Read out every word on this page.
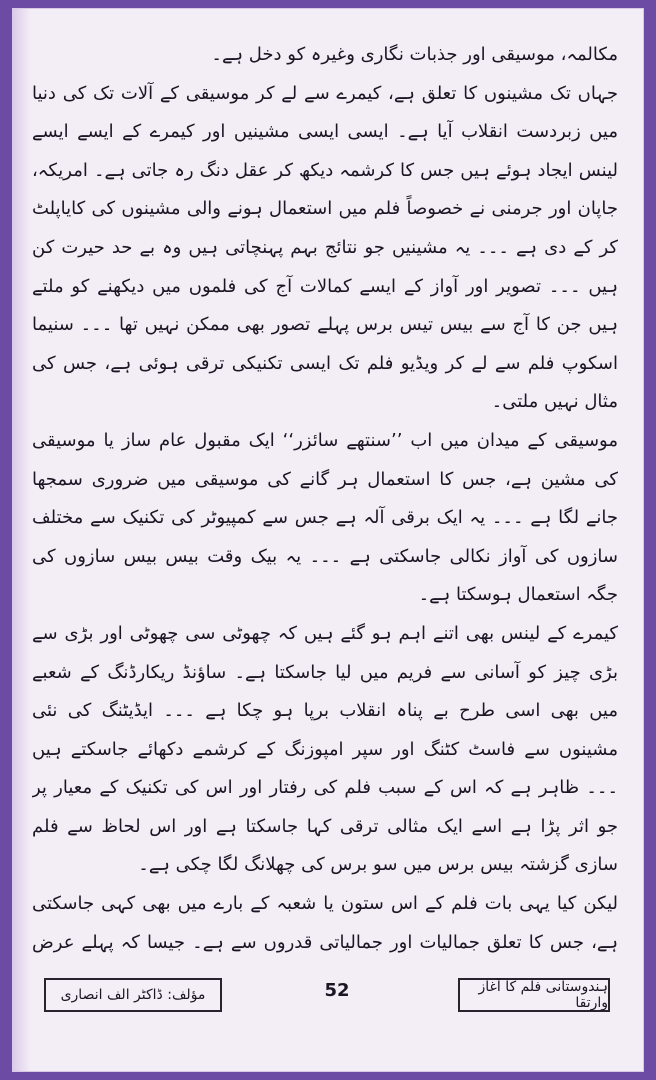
مکالمہ، موسیقی اور جذبات نگاری وغیرہ کو دخل ہے۔

جہاں تک مشینوں کا تعلق ہے، کیمرے سے لے کر موسیقی کے آلات تک کی دنیا میں زبردست انقلاب آیا ہے۔ ایسی ایسی مشینیں اور کیمرے کے ایسے ایسے لینس ایجاد ہوئے ہیں جس کا کرشمہ دیکھ کر عقل دنگ رہ جاتی ہے۔ امریکہ، جاپان اور جرمنی نے خصوصاً فلم میں استعمال ہونے والی مشینوں کی کایاپلٹ کر کے دی ہے ۔۔۔ یہ مشینیں جو نتائج بہم پہنچاتی ہیں وہ بے حد حیرت کن ہیں ۔۔۔ تصویر اور آواز کے ایسے کمالات آج کی فلموں میں دیکھنے کو ملتے ہیں جن کا آج سے بیس تیس برس پہلے تصور بھی ممکن نہیں تھا ۔۔۔ سنیما اسکوپ فلم سے لے کر ویڈیو فلم تک ایسی تکنیکی ترقی ہوئی ہے، جس کی مثال نہیں ملتی۔

موسیقی کے میدان میں اب ’’سنتھے سائزر‘‘ ایک مقبول عام ساز یا موسیقی کی مشین ہے، جس کا استعمال ہر گانے کی موسیقی میں ضروری سمجھا جانے لگا ہے ۔۔۔ یہ ایک برقی آلہ ہے جس سے کمپیوٹر کی تکنیک سے مختلف سازوں کی آواز نکالی جاسکتی ہے ۔۔۔ یہ بیک وقت بیس بیس سازوں کی جگہ استعمال ہوسکتا ہے۔

کیمرے کے لینس بھی اتنے اہم ہو گئے ہیں کہ چھوٹی سی چھوٹی اور بڑی سے بڑی چیز کو آسانی سے فریم میں لیا جاسکتا ہے۔ ساؤنڈ ریکارڈنگ کے شعبے میں بھی اسی طرح بے پناہ انقلاب برپا ہو چکا ہے ۔۔۔ ایڈیٹنگ کی نئی مشینوں سے فاسٹ کٹنگ اور سپر امپوزنگ کے کرشمے دکھائے جاسکتے ہیں ۔۔۔ ظاہر ہے کہ اس کے سبب فلم کی رفتار اور اس کی تکنیک کے معیار پر جو اثر پڑا ہے اسے ایک مثالی ترقی کہا جاسکتا ہے اور اس لحاظ سے فلم سازی گزشتہ بیس برس میں سو برس کی چھلانگ لگا چکی ہے۔

لیکن کیا یہی بات فلم کے اس ستون یا شعبہ کے بارے میں بھی کہی جاسکتی ہے، جس کا تعلق جمالیات اور جمالیاتی قدروں سے ہے۔ جیسا کہ پہلے عرض

ہندوستانی فلم کا آغاز وارتقا
52
مؤلف: ڈاکٹر الف انصاری
